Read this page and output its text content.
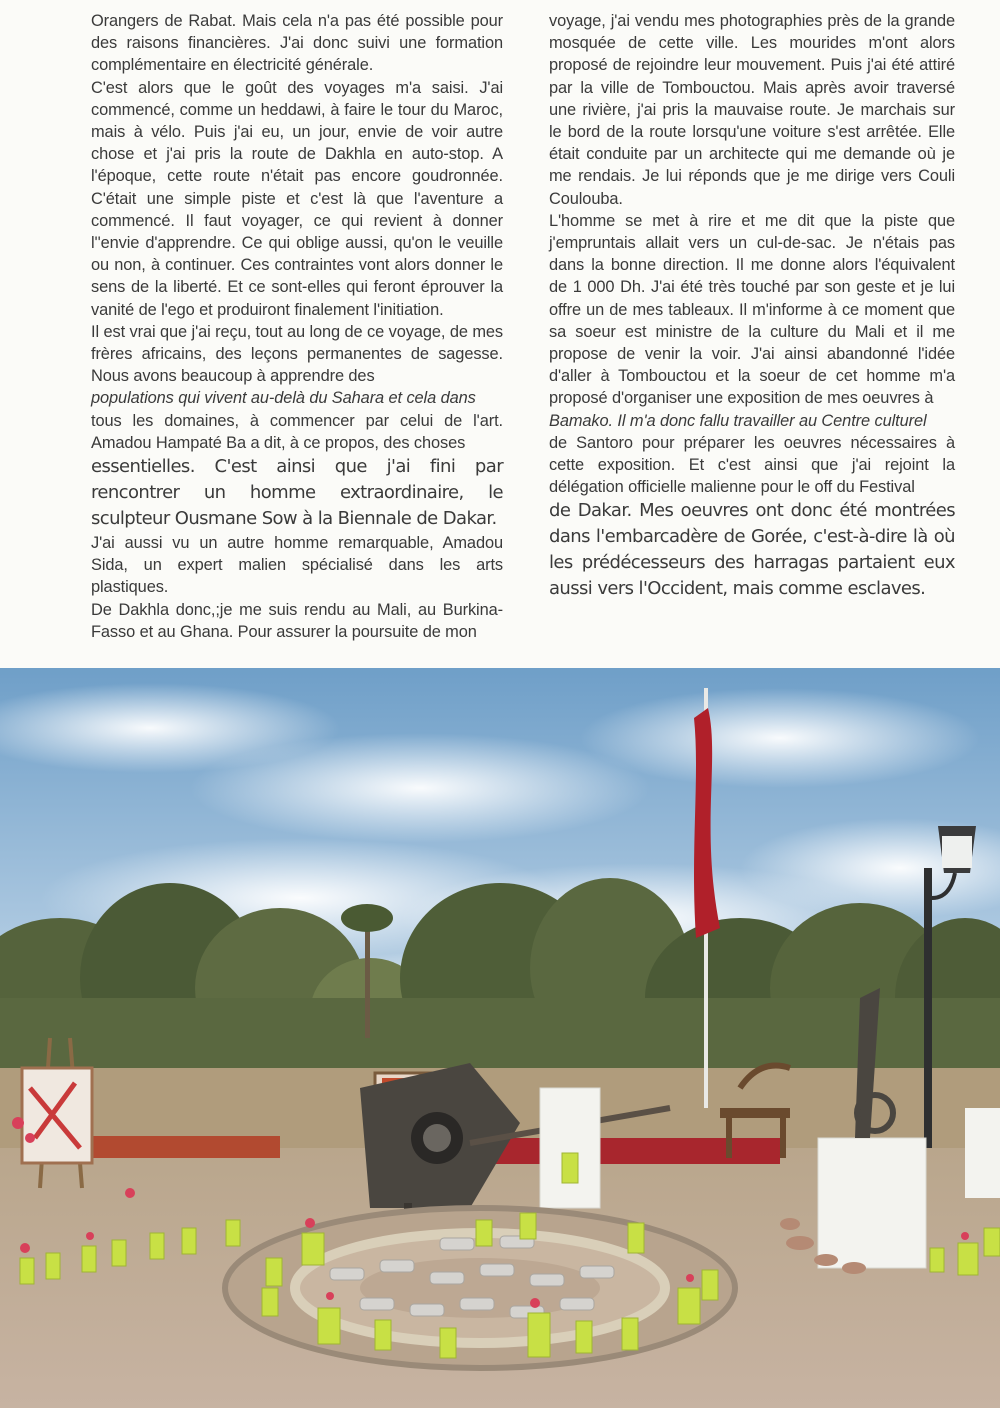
Orangers de Rabat. Mais cela n'a pas été possible pour des raisons financières. J'ai donc suivi une formation complémentaire en électricité générale.

C'est alors que le goût des voyages m'a saisi. J'ai commencé, comme un heddawi, à faire le tour du Maroc, mais à vélo. Puis j'ai eu, un jour, envie de voir autre chose et j'ai pris la route de Dakhla en auto-stop. A l'époque, cette route n'était pas encore goudronnée. C'était une simple piste et c'est là que l'aventure a commencé. Il faut voyager, ce qui revient à donner l''envie d'apprendre. Ce qui oblige aussi, qu'on le veuille ou non, à continuer. Ces contraintes vont alors donner le sens de la liberté. Et ce sont-elles qui feront éprouver la vanité de l'ego et produiront finalement l'initiation.

Il est vrai que j'ai reçu, tout au long de ce voyage, de mes frères africains, des leçons permanentes de sagesse. Nous avons beaucoup à apprendre des

populations qui vivent au-delà du Sahara et cela dans

tous les domaines, à commencer par celui de l'art. Amadou Hampaté Ba a dit, à ce propos, des choses

essentielles. C'est ainsi que j'ai fini par rencontrer un homme extraordinaire, le sculpteur Ousmane Sow à la Biennale de Dakar.

J'ai aussi vu un autre homme remarquable, Amadou Sida, un expert malien spécialisé dans les arts plastiques.

De Dakhla donc,;je me suis rendu au Mali, au Burkina-Fasso et au Ghana. Pour assurer la poursuite de mon

voyage, j'ai vendu mes photographies près de la grande mosquée de cette ville. Les mourides m'ont alors proposé de rejoindre leur mouvement. Puis j'ai été attiré par la ville de Tombouctou. Mais après avoir traversé une rivière, j'ai pris la mauvaise route. Je marchais sur le bord de la route lorsqu'une voiture s'est arrêtée. Elle était conduite par un architecte qui me demande où je me rendais. Je lui réponds que je me dirige vers Couli Coulouba.

L'homme se met à rire et me dit que la piste que j'empruntais allait vers un cul-de-sac. Je n'étais pas dans la bonne direction. Il me donne alors l'équivalent de 1 000 Dh. J'ai été très touché par son geste et je lui offre un de mes tableaux. Il m'informe à ce moment que sa soeur est ministre de la culture du Mali et il me propose de venir la voir. J'ai ainsi abandonné l'idée d'aller à Tombouctou et la soeur de cet homme m'a proposé d'organiser une exposition de mes oeuvres à

Bamako. Il m'a donc fallu travailler au Centre culturel

de Santoro pour préparer les oeuvres nécessaires à cette exposition. Et c'est ainsi que j'ai rejoint la délégation officielle malienne pour le off du Festival

de Dakar. Mes oeuvres ont donc été montrées dans l'embarcadère de Gorée, c'est-à-dire là où les prédécesseurs des harragas partaient eux aussi vers l'Occident, mais comme esclaves.
